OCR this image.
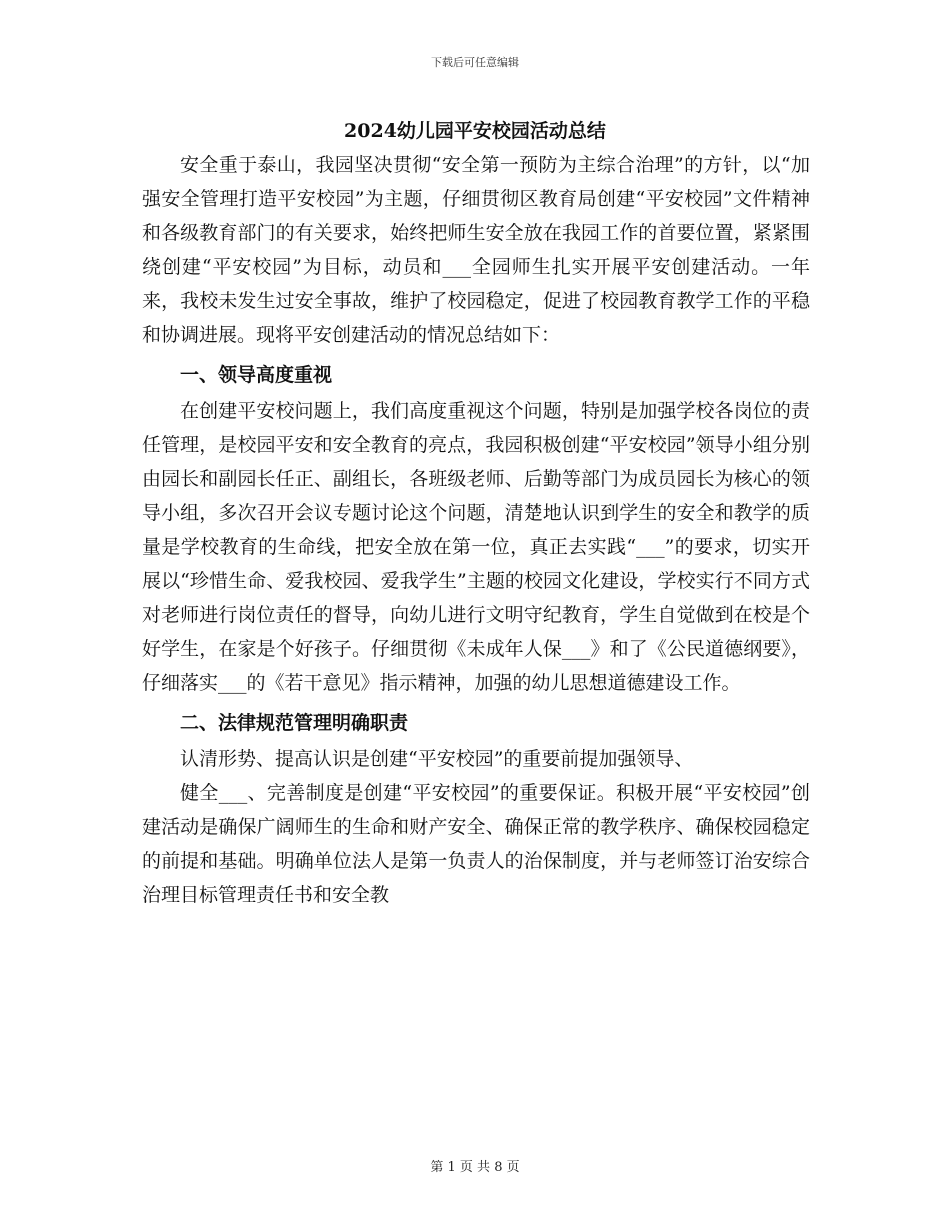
下载后可任意编辑
2024幼儿园平安校园活动总结

安全重于泰山，我园坚决贯彻“安全第一预防为主综合治理”的方针，以“加强安全管理打造平安校园”为主题，仔细贯彻区教育局创建“平安校园”文件精神和各级教育部门的有关要求，始终把师生安全放在我园工作的首要位置，紧紧围绕创建“平安校园”为目标，动员和___全园师生扎实开展平安创建活动。一年来，我校未发生过安全事故，维护了校园稳定，促进了校园教育教学工作的平稳和协调进展。现将平安创建活动的情况总结如下：

一、领导高度重视

在创建平安校问题上，我们高度重视这个问题，特别是加强学校各岗位的责任管理，是校园平安和安全教育的亮点，我园积极创建“平安校园”领导小组分别由园长和副园长任正、副组长，各班级老师、后勤等部门为成员园长为核心的领导小组，多次召开会议专题讨论这个问题，清楚地认识到学生的安全和教学的质量是学校教育的生命线，把安全放在第一位，真正去实践“___”的要求，切实开展以“珍惜生命、爱我校园、爱我学生”主题的校园文化建设，学校实行不同方式对老师进行岗位责任的督导，向幼儿进行文明守纪教育，学生自觉做到在校是个好学生，在家是个好孩子。仔细贯彻《未成年人保___》和了《公民道德纲要》，仔细落实___的《若干意见》指示精神，加强的幼儿思想道德建设工作。

二、法律规范管理明确职责

认清形势、提高认识是创建“平安校园”的重要前提加强领导、

健全___、完善制度是创建“平安校园”的重要保证。积极开展“平安校园”创建活动是确保广阔师生的生命和财产安全、确保正常的教学秩序、确保校园稳定的前提和基础。明确单位法人是第一负责人的治保制度，并与老师签订治安综合治理目标管理责任书和安全教

第 1 页 共 8 页
